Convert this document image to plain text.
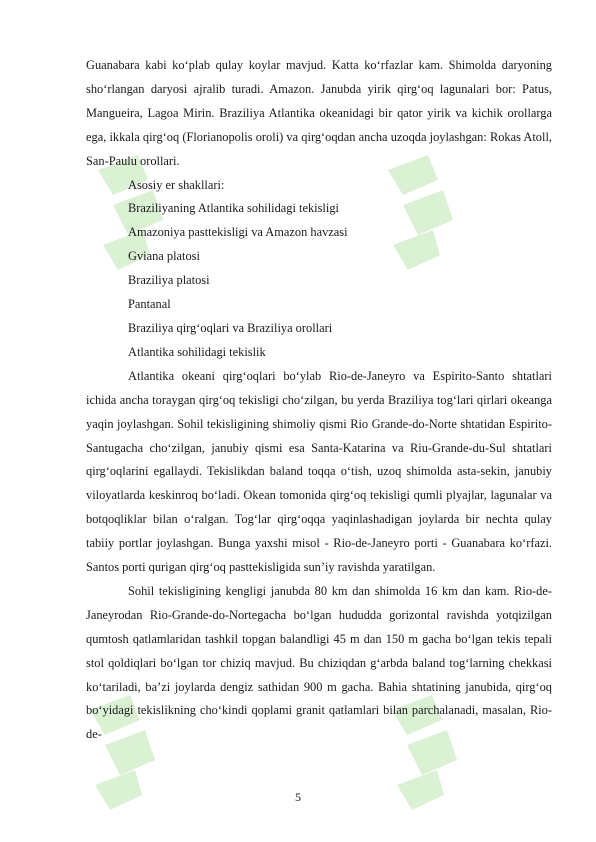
Guanabara kabi ko‘plab qulay koylar mavjud. Katta ko‘rfazlar kam. Shimolda daryoning sho‘rlangan daryosi ajralib turadi. Amazon. Janubda yirik qirg‘oq lagunalari bor: Patus, Mangueira, Lagoa Mirin. Braziliya Atlantika okeanidagi bir qator yirik va kichik orollarga ega, ikkala qirg‘oq (Florianopolis oroli) va qirg‘oqdan ancha uzoqda joylashgan: Rokas Atoll, San-Paulu orollari.

Asosiy er shakllari:
Braziliyaning Atlantika sohilidagi tekisligi
Amazoniya pasttekisligi va Amazon havzasi
Gviana platosi
Braziliya platosi
Pantanal
Braziliya qirg‘oqlari va Braziliya orollari
Atlantika sohilidagi tekislik

Atlantika okeani qirg‘oqlari bo‘ylab Rio-de-Janeyro va Espirito-Santo shtatlari ichida ancha toraygan qirg‘oq tekisligi cho‘zilgan, bu yerda Braziliya tog‘lari qirlari okeanga yaqin joylashgan. Sohil tekisligining shimoliy qismi Rio Grande-do-Norte shtatidan Espirito-Santugacha cho‘zilgan, janubiy qismi esa Santa-Katarina va Riu-Grande-du-Sul shtatlari qirg‘oqlarini egallaydi. Tekislikdan baland toqqa o‘tish, uzoq shimolda asta-sekin, janubiy viloyatlarda keskinroq bo‘ladi. Okean tomonida qirg‘oq tekisligi qumli plyajlar, lagunalar va botqoqliklar bilan o‘ralgan. Tog‘lar qirg‘oqqa yaqinlashadigan joylarda bir nechta qulay tabiiy portlar joylashgan. Bunga yaxshi misol - Rio-de-Janeyro porti - Guanabara ko‘rfazi. Santos porti qurigan qirg‘oq pasttekisligida sun’iy ravishda yaratilgan.

Sohil tekisligining kengligi janubda 80 km dan shimolda 16 km dan kam. Rio-de-Janeyrodan Rio-Grande-do-Nortegacha bo‘lgan hududda gorizontal ravishda yotqizilgan qumtosh qatlamlaridan tashkil topgan balandligi 45 m dan 150 m gacha bo‘lgan tekis tepali stol qoldiqlari bo‘lgan tor chiziq mavjud. Bu chiziqdan g‘arbda baland tog‘larning chekkasi ko‘tariladi, ba’zi joylarda dengiz sathidan 900 m gacha. Bahia shtatining janubida, qirg‘oq bo‘yidagi tekislikning cho‘kindi qoplami granit qatlamlari bilan parchalanadi, masalan, Rio-de-

5
